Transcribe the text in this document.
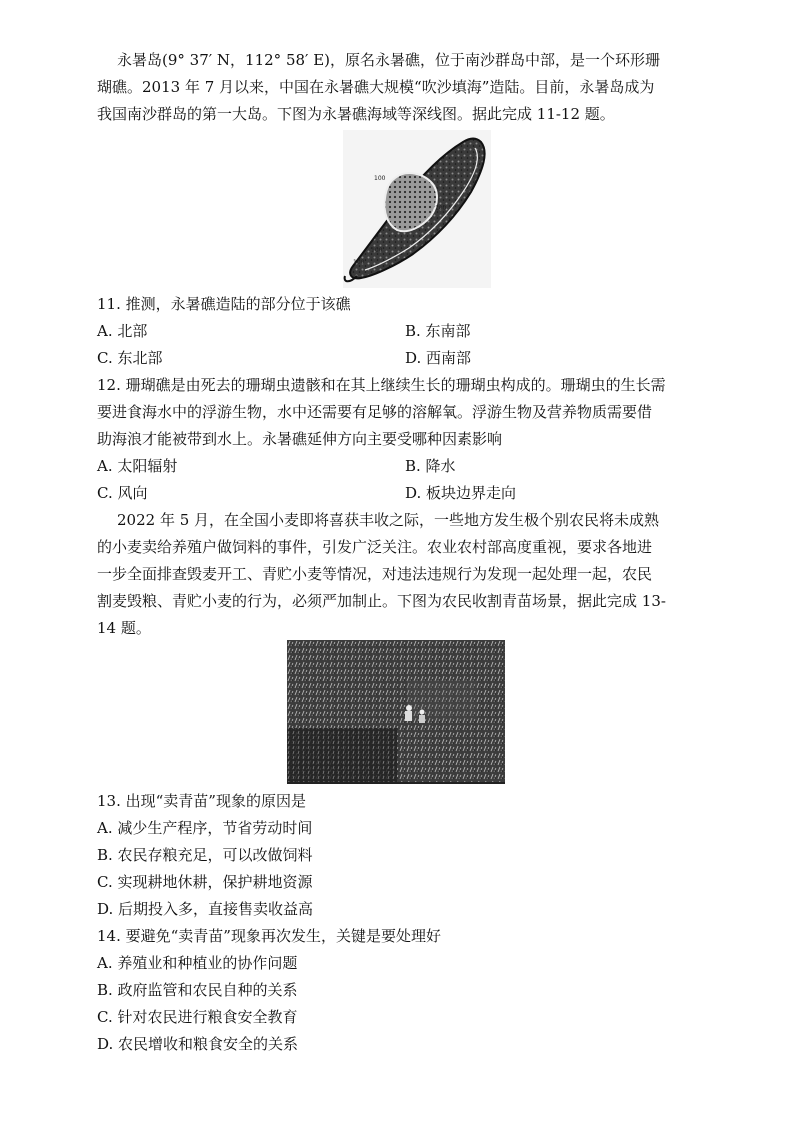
永暑岛(9° 37′ N，112° 58′ E)，原名永暑礁，位于南沙群岛中部，是一个环形珊
瑚礁。2013 年 7 月以来，中国在永暑礁大规模“吹沙填海”造陆。目前，永暑岛成为
我国南沙群岛的第一大岛。下图为永暑礁海域等深线图。据此完成 11-12 题。
100
100
100
100
11. 推测，永暑礁造陆的部分位于该礁
A. 北部	B. 东南部
C. 东北部	D. 西南部
12. 珊瑚礁是由死去的珊瑚虫遗骸和在其上继续生长的珊瑚虫构成的。珊瑚虫的生长需
要进食海水中的浮游生物，水中还需要有足够的溶解氧。浮游生物及营养物质需要借
助海浪才能被带到水上。永暑礁延伸方向主要受哪种因素影响
A. 太阳辐射	B. 降水
C. 风向	D. 板块边界走向
2022 年 5 月，在全国小麦即将喜获丰收之际，一些地方发生极个别农民将未成熟
的小麦卖给养殖户做饲料的事件，引发广泛关注。农业农村部高度重视，要求各地进
一步全面排查毁麦开工、青贮小麦等情况，对违法违规行为发现一起处理一起，农民
割麦毁粮、青贮小麦的行为，必须严加制止。下图为农民收割青苗场景，据此完成 13-
14 题。
13. 出现“卖青苗”现象的原因是
A. 减少生产程序，节省劳动时间
B. 农民存粮充足，可以改做饲料
C. 实现耕地休耕，保护耕地资源
D. 后期投入多，直接售卖收益高
14. 要避免“卖青苗”现象再次发生，关键是要处理好
A. 养殖业和种植业的协作问题
B. 政府监管和农民自种的关系
C. 针对农民进行粮食安全教育
D. 农民增收和粮食安全的关系
